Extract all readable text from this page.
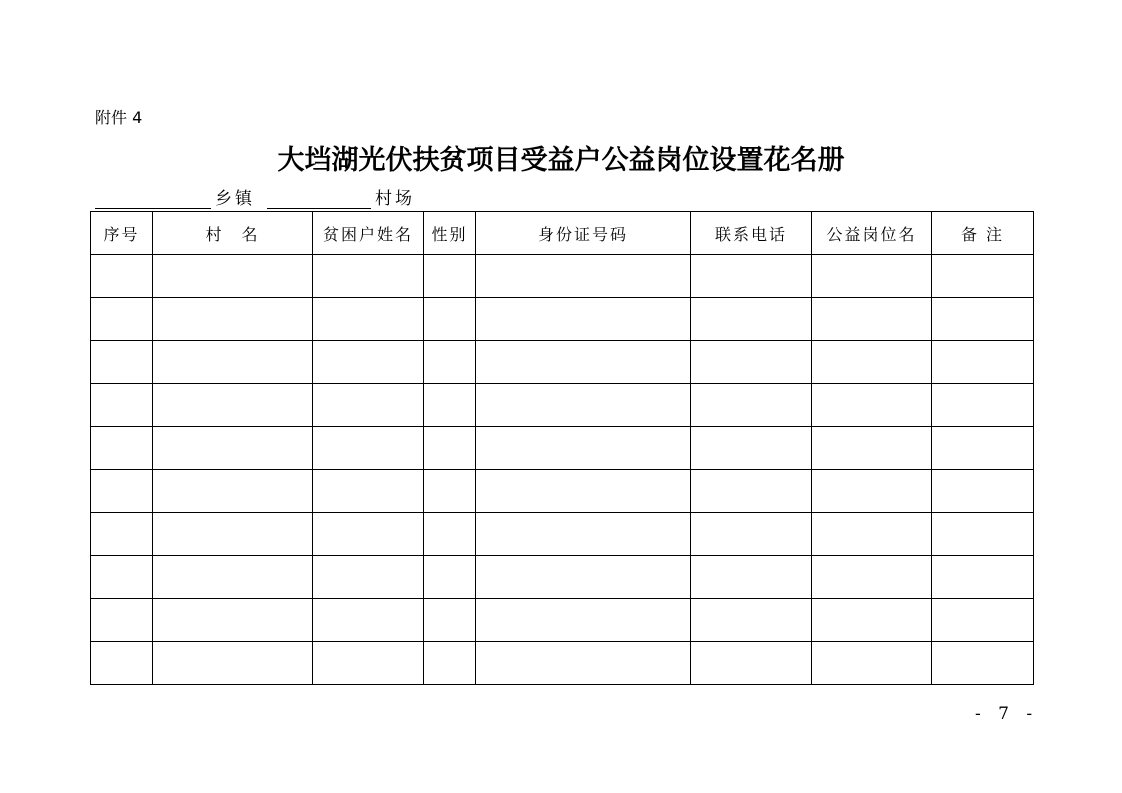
附件 4
大垱湖光伏扶贫项目受益户公益岗位设置花名册
乡镇	村场
序号	村　名	贫困户姓名	性别	身份证号码	联系电话	公益岗位名	备 注

- 7 -
